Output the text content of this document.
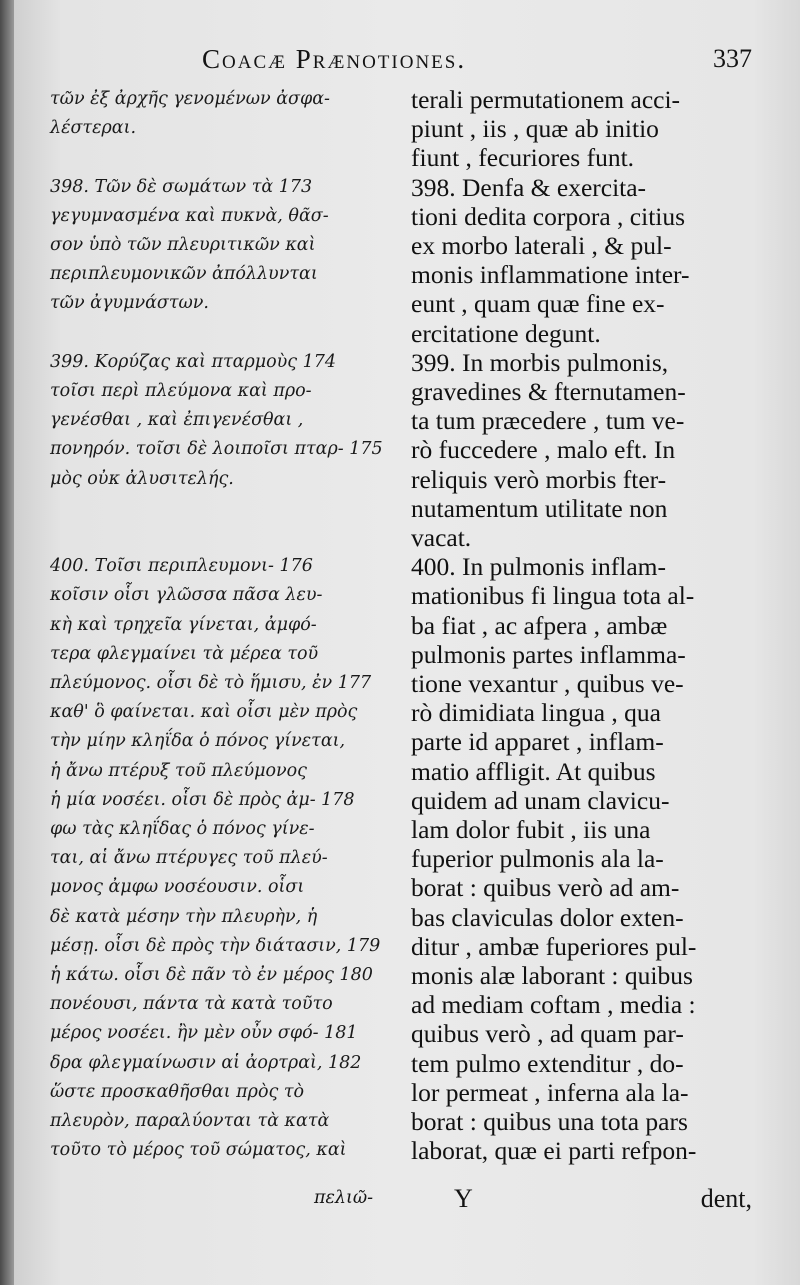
Coacæ Prænotiones.	337
τῶν ἐξ ἀρχῆς γενομένων ἀσφα-
λέστεραι.
398. Τῶν δὲ σωμάτων τὰ 173
γεγυμνασμένα καὶ πυκνὰ, θᾶσ-
σον ὑπὸ τῶν πλευριτικῶν καὶ
περιπλευμονικῶν ἀπόλλυνται
τῶν ἀγυμνάστων.
399. Κορύζας καὶ πταρμοὺς 174
τοῖσι περὶ πλεύμονα καὶ προ-
γενέσθαι , καὶ ἐπιγενέσθαι ,
πονηρόν. τοῖσι δὲ λοιποῖσι πταρ- 175
μὸς οὐκ ἀλυσιτελής.
400. Τοῖσι περιπλευμονι- 176
κοῖσιν οἷσι γλῶσσα πᾶσα λευ-
κὴ καὶ τρηχεῖα γίνεται, ἀμφό-
τερα φλεγμαίνει τὰ μέρεα τοῦ
πλεύμονος. οἷσι δὲ τὸ ἥμισυ, ἐν 177
καθ' ὃ φαίνεται. καὶ οἷσι μὲν πρὸς
τὴν μίην κληΐδα ὁ πόνος γίνεται,
ἡ ἄνω πτέρυξ τοῦ πλεύμονος
ἡ μία νοσέει. οἷσι δὲ πρὸς ἀμ- 178
φω τὰς κληΐδας ὁ πόνος γίνε-
ται, αἱ ἄνω πτέρυγες τοῦ πλεύ-
μονος ἀμφω νοσέουσιν. οἷσι
δὲ κατὰ μέσην τὴν πλευρὴν, ἡ
μέσῃ. οἷσι δὲ πρὸς τὴν διάτασιν, 179
ἡ κάτω. οἷσι δὲ πᾶν τὸ ἐν μέρος 180
πονέουσι, πάντα τὰ κατὰ τοῦτο
μέρος νοσέει. ἢν μὲν οὖν σφό- 181
δρα φλεγμαίνωσιν αἱ ἀορτραὶ, 182
ὥστε προσκαθῆσθαι πρὸς τὸ
πλευρὸν, παραλύονται τὰ κατὰ
τοῦτο τὸ μέρος τοῦ σώματος, καὶ
terali permutationem acci-
piunt , iis , quæ ab initio
fiunt , fecuriores funt.
398. Denfa & exercita-
tioni dedita corpora , citius
ex morbo laterali , & pul-
monis inflammatione inter-
eunt , quam quæ fine ex-
ercitatione degunt.
399. In morbis pulmonis,
gravedines & fternutamen-
ta tum præcedere , tum ve-
rò fuccedere , malo eft. In
reliquis verò morbis fter-
nutamentum utilitate non
vacat.
400. In pulmonis inflam-
mationibus fi lingua tota al-
ba fiat , ac afpera , ambæ
pulmonis partes inflamma-
tione vexantur , quibus ve-
rò dimidiata lingua , qua
parte id apparet , inflam-
matio affligit. At quibus
quidem ad unam clavicu-
lam dolor fubit , iis una
fuperior pulmonis ala la-
borat : quibus verò ad am-
bas claviculas dolor exten-
ditur , ambæ fuperiores pul-
monis alæ laborant : quibus
ad mediam coftam , media :
quibus verò , ad quam par-
tem pulmo extenditur , do-
lor permeat , inferna ala la-
borat : quibus una tota pars
laborat, quæ ei parti refpon-
πελιῶ-	Y	dent,
